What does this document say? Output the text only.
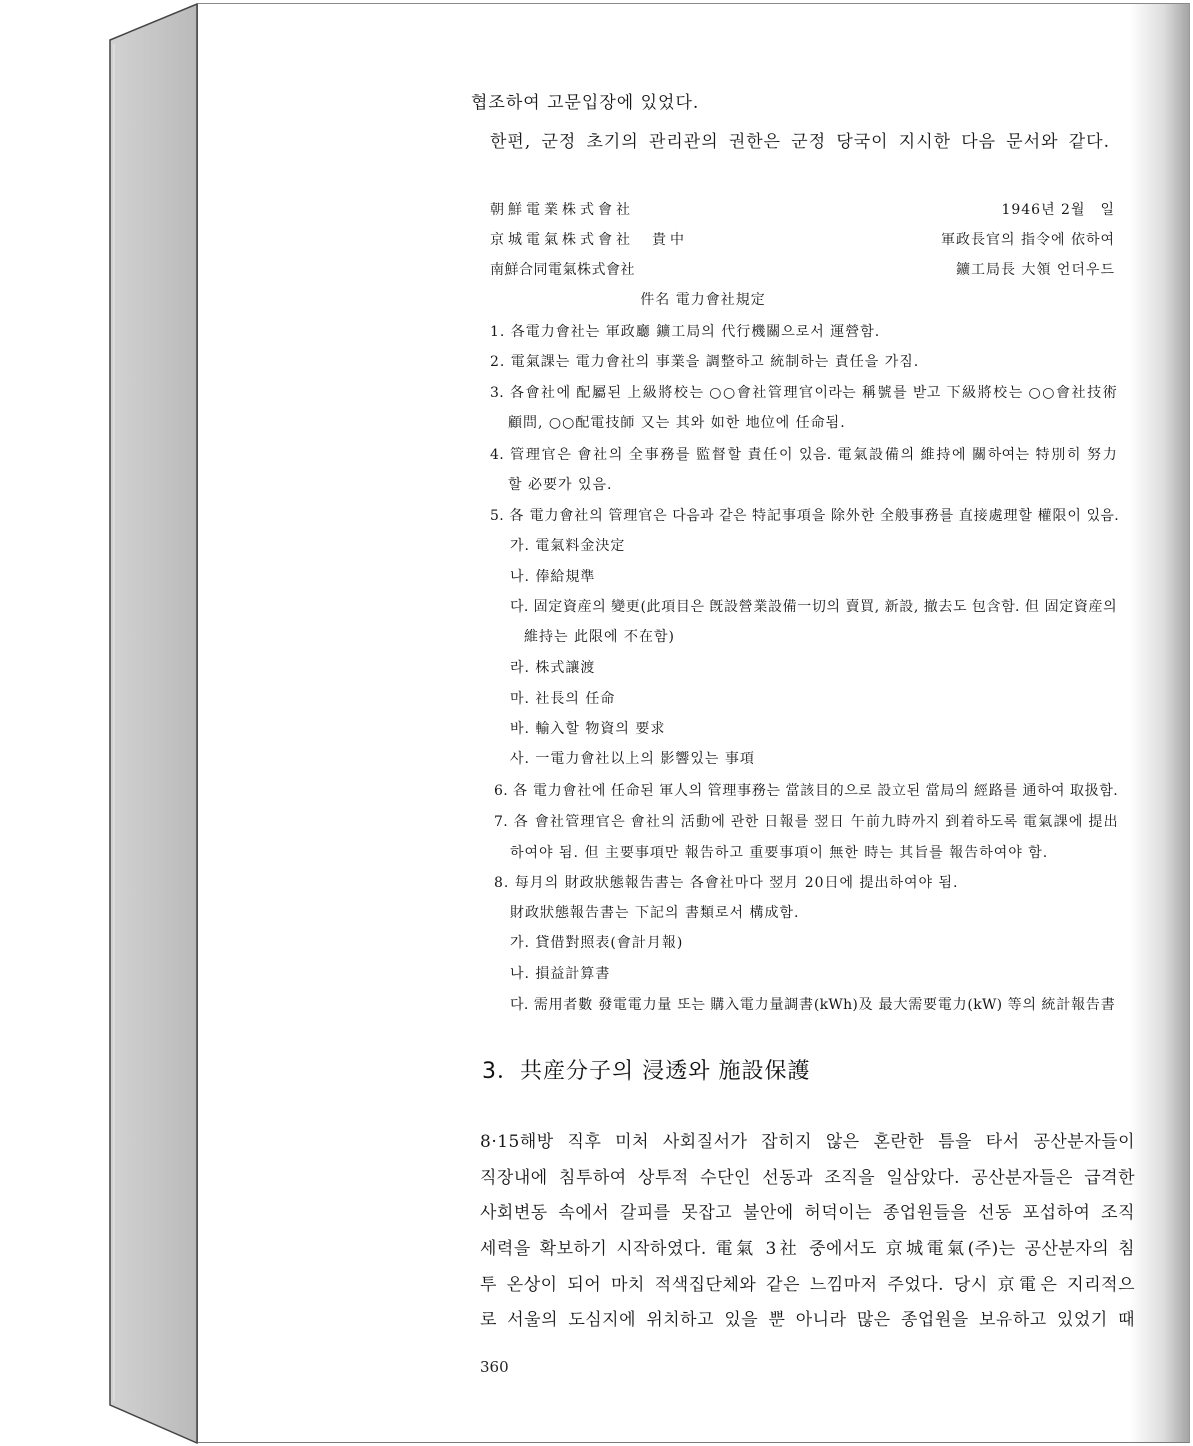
협조하여 고문입장에 있었다.
한편, 군정 초기의 관리관의 권한은 군정 당국이 지시한 다음 문서와 같다.
朝鮮電業株式會社
京城電氣株式會社　貴中
南鮮合同電氣株式會社
1946년 2월　일
軍政長官의 指令에 依하여
鑛工局長 大領 언더우드
件名 電力會社規定
1. 各電力會社는 軍政廳 鑛工局의 代行機關으로서 運營함.
2. 電氣課는 電力會社의 事業을 調整하고 統制하는 責任을 가짐.
3. 各會社에 配屬된 上級將校는 ○○會社管理官이라는 稱號를 받고 下級將校는 ○○會社技術
顧問, ○○配電技師 又는 其와 如한 地位에 任命됨.
4. 管理官은 會社의 全事務를 監督할 責任이 있음. 電氣設備의 維持에 關하여는 特別히 努力
할 必要가 있음.
5. 各 電力會社의 管理官은 다음과 같은 特記事項을 除外한 全般事務를 直接處理할 權限이 있음.
가. 電氣料金決定
나. 俸給規準
다. 固定資産의 變更(此項目은 旣設營業設備一切의 賣買, 新設, 撤去도 包含함. 但 固定資産의
維持는 此限에 不在함)
라. 株式讓渡
마. 社長의 任命
바. 輸入할 物資의 要求
사. 一電力會社以上의 影響있는 事項
6. 各 電力會社에 任命된 軍人의 管理事務는 當該目的으로 設立된 當局의 經路를 通하여 取扱함.
7. 各 會社管理官은 會社의 活動에 관한 日報를 翌日 午前九時까지 到着하도록 電氣課에 提出
하여야 됨. 但 主要事項만 報告하고 重要事項이 無한 時는 其旨를 報告하여야 함.
8. 每月의 財政狀態報告書는 各會社마다 翌月 20日에 提出하여야 됨.
財政狀態報告書는 下記의 書類로서 構成함.
가. 貸借對照表(會計月報)
나. 損益計算書
다. 需用者數 發電電力量 또는 購入電力量調書(kWh)及 最大需要電力(kW) 等의 統計報告書
3．共産分子의 浸透와 施設保護
8·15해방 직후 미처 사회질서가 잡히지 않은 혼란한 틈을 타서 공산분자들이
직장내에 침투하여 상투적 수단인 선동과 조직을 일삼았다. 공산분자들은 급격한
사회변동 속에서 갈피를 못잡고 불안에 허덕이는 종업원들을 선동 포섭하여 조직
세력을 확보하기 시작하였다. 電氣 3社 중에서도 京城電氣(주)는 공산분자의 침
투 온상이 되어 마치 적색집단체와 같은 느낌마저 주었다. 당시 京電은 지리적으
로 서울의 도심지에 위치하고 있을 뿐 아니라 많은 종업원을 보유하고 있었기 때
360
